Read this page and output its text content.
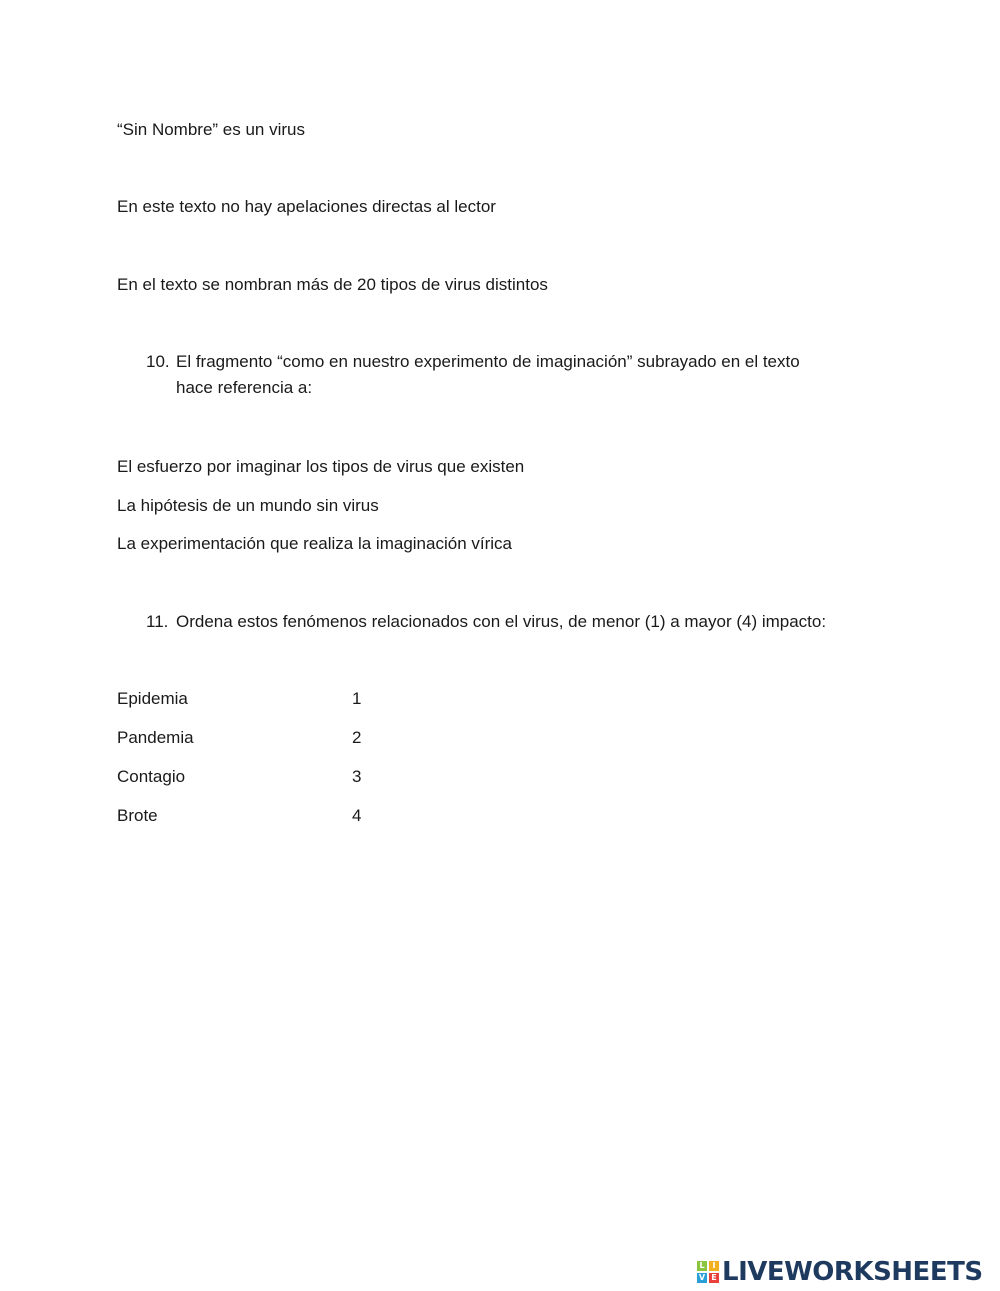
“Sin Nombre” es un virus
En este texto no hay apelaciones directas al lector
En el texto se nombran más de 20 tipos de virus distintos
10. El fragmento “como en nuestro experimento de imaginación” subrayado en el texto
hace referencia a:
El esfuerzo por imaginar los tipos de virus que existen
La hipótesis de un mundo sin virus
La experimentación que realiza la imaginación vírica
11. Ordena estos fenómenos relacionados con el virus, de menor (1) a mayor (4) impacto:
Epidemia	1
Pandemia	2
Contagio	3
Brote	4
L I
V E LIVEWORKSHEETS
